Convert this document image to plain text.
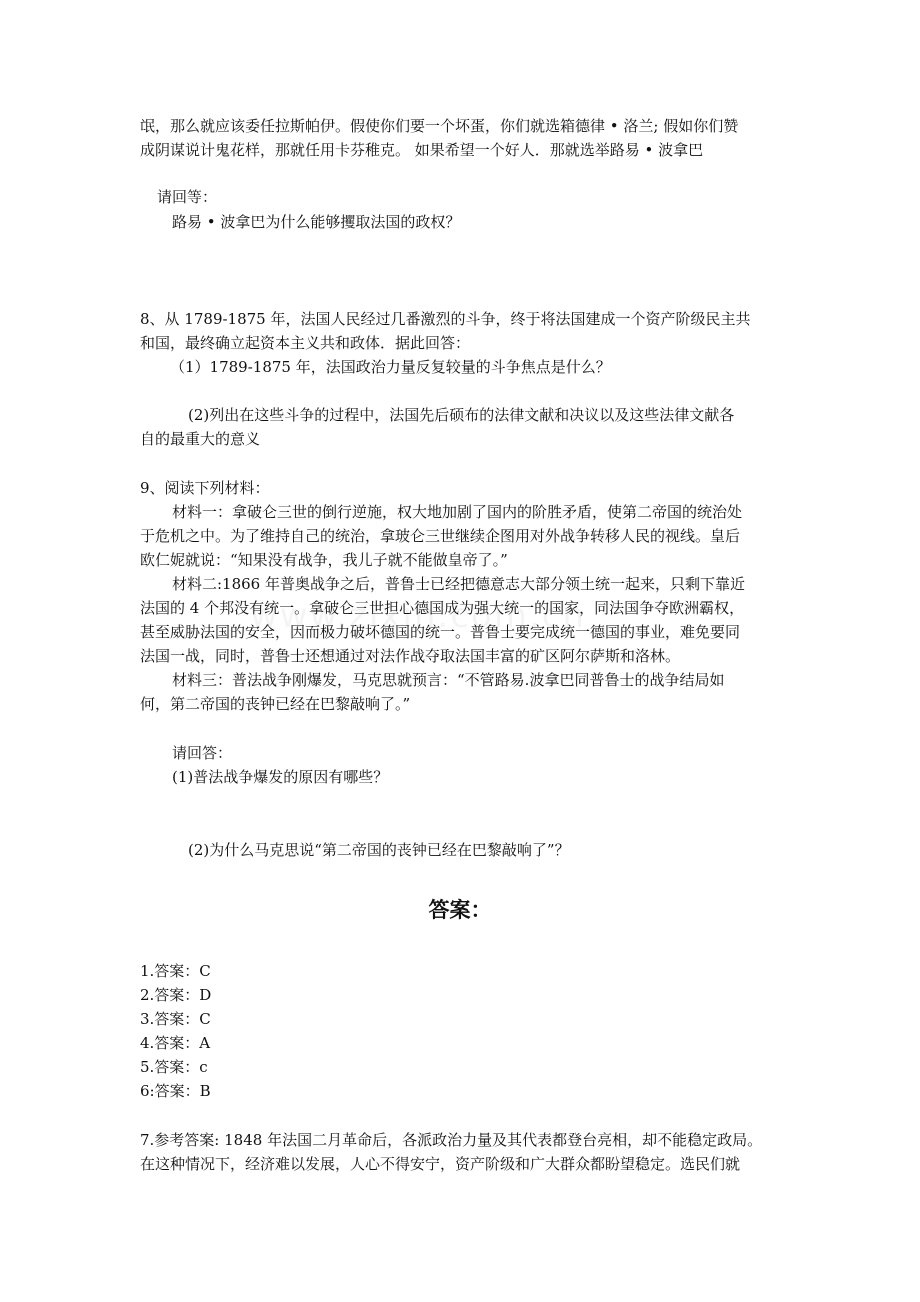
氓，那么就应该委任拉斯帕伊。假使你们要一个坏蛋，你们就选箱德律 • 洛兰; 假如你们赞
成阴谋说计鬼花样，那就任用卡芬稚克。 如果希望一个好人．那就选举路易 • 波拿巴
请回等：
路易 • 波拿巴为什么能够攫取法国的政权？
8、从 1789-1875 年，法国人民经过几番激烈的斗争，终于将法国建成一个资产阶级民主共
和国，最终确立起资本主义共和政体．据此回答：
（1）1789-1875 年，法国政治力量反复较量的斗争焦点是什么？
(2)列出在这些斗争的过程中，法国先后硕布的法律文献和决议以及这些法律文献各
自的最重大的意义
9、阅读下列材料：
材料一：拿破仑三世的倒行逆施，权大地加剧了国内的阶胜矛盾，使第二帝国的统治处
于危机之中。为了维持自己的统治，拿玻仑三世继续企图用对外战争转移人民的视线。皇后
欧仁妮就说：“知果没有战争，我儿子就不能做皇帝了。”
材料二:1866 年普奥战争之后，普鲁士已经把德意志大部分领土统一起来，只剩下靠近
法国的 4 个邦没有统一。拿破仑三世担心德国成为强大统一的国家，同法国争夺欧洲霸权，
甚至威胁法国的安全，因而极力破坏德国的统一。普鲁士要完成统一德国的事业，难免要同
法国一战，同时，普鲁士还想通过对法作战夺取法国丰富的矿区阿尔萨斯和洛林。
材料三：普法战争刚爆发，马克思就预言：“不管路易.波拿巴同普鲁士的战争结局如
何，第二帝国的丧钟已经在巴黎敲响了。”
请回答：
(1)普法战争爆发的原因有哪些？
(2)为什么马克思说“第二帝国的丧钟已经在巴黎敲响了”？
答案：
1.答案：C
2.答案：D
3.答案：C
4.答案：A
5.答案：c
6:答案：B
7.参考答案: 1848 年法国二月革命后，各派政治力量及其代表都登台亮相，却不能稳定政局。
在这种情况下，经济难以发展，人心不得安宁，资产阶级和广大群众都盼望稳定。选民们就
